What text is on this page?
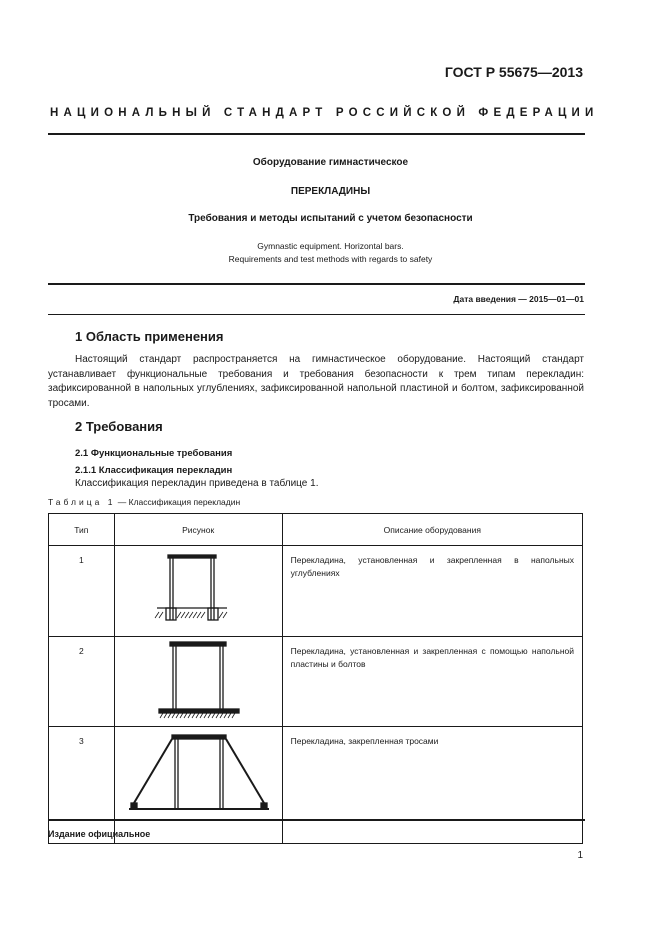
ГОСТ Р 55675—2013
НАЦИОНАЛЬНЫЙ СТАНДАРТ РОССИЙСКОЙ ФЕДЕРАЦИИ
Оборудование гимнастическое
ПЕРЕКЛАДИНЫ
Требования и методы испытаний с учетом безопасности
Gymnastic equipment. Horizontal bars.
Requirements and test methods with regards to safety
Дата введения — 2015—01—01
1 Область применения
Настоящий стандарт распространяется на гимнастическое оборудование. Настоящий стандарт устанавливает функциональные требования и требования безопасности к трем типам перекладин: зафиксированной в напольных углублениях, зафиксированной напольной пластиной и болтом, зафиксированной тросами.
2 Требования
2.1 Функциональные требования
2.1.1 Классификация перекладин
Классификация перекладин приведена в таблице 1.
Таблица 1 — Классификация перекладин
Тип	Рисунок	Описание оборудования
1		Перекладина, установленная и закрепленная в напольных углублениях
2		Перекладина, установленная и закрепленная с помощью напольной пластины и болтов
3		Перекладина, закрепленная тросами
Издание официальное
1
